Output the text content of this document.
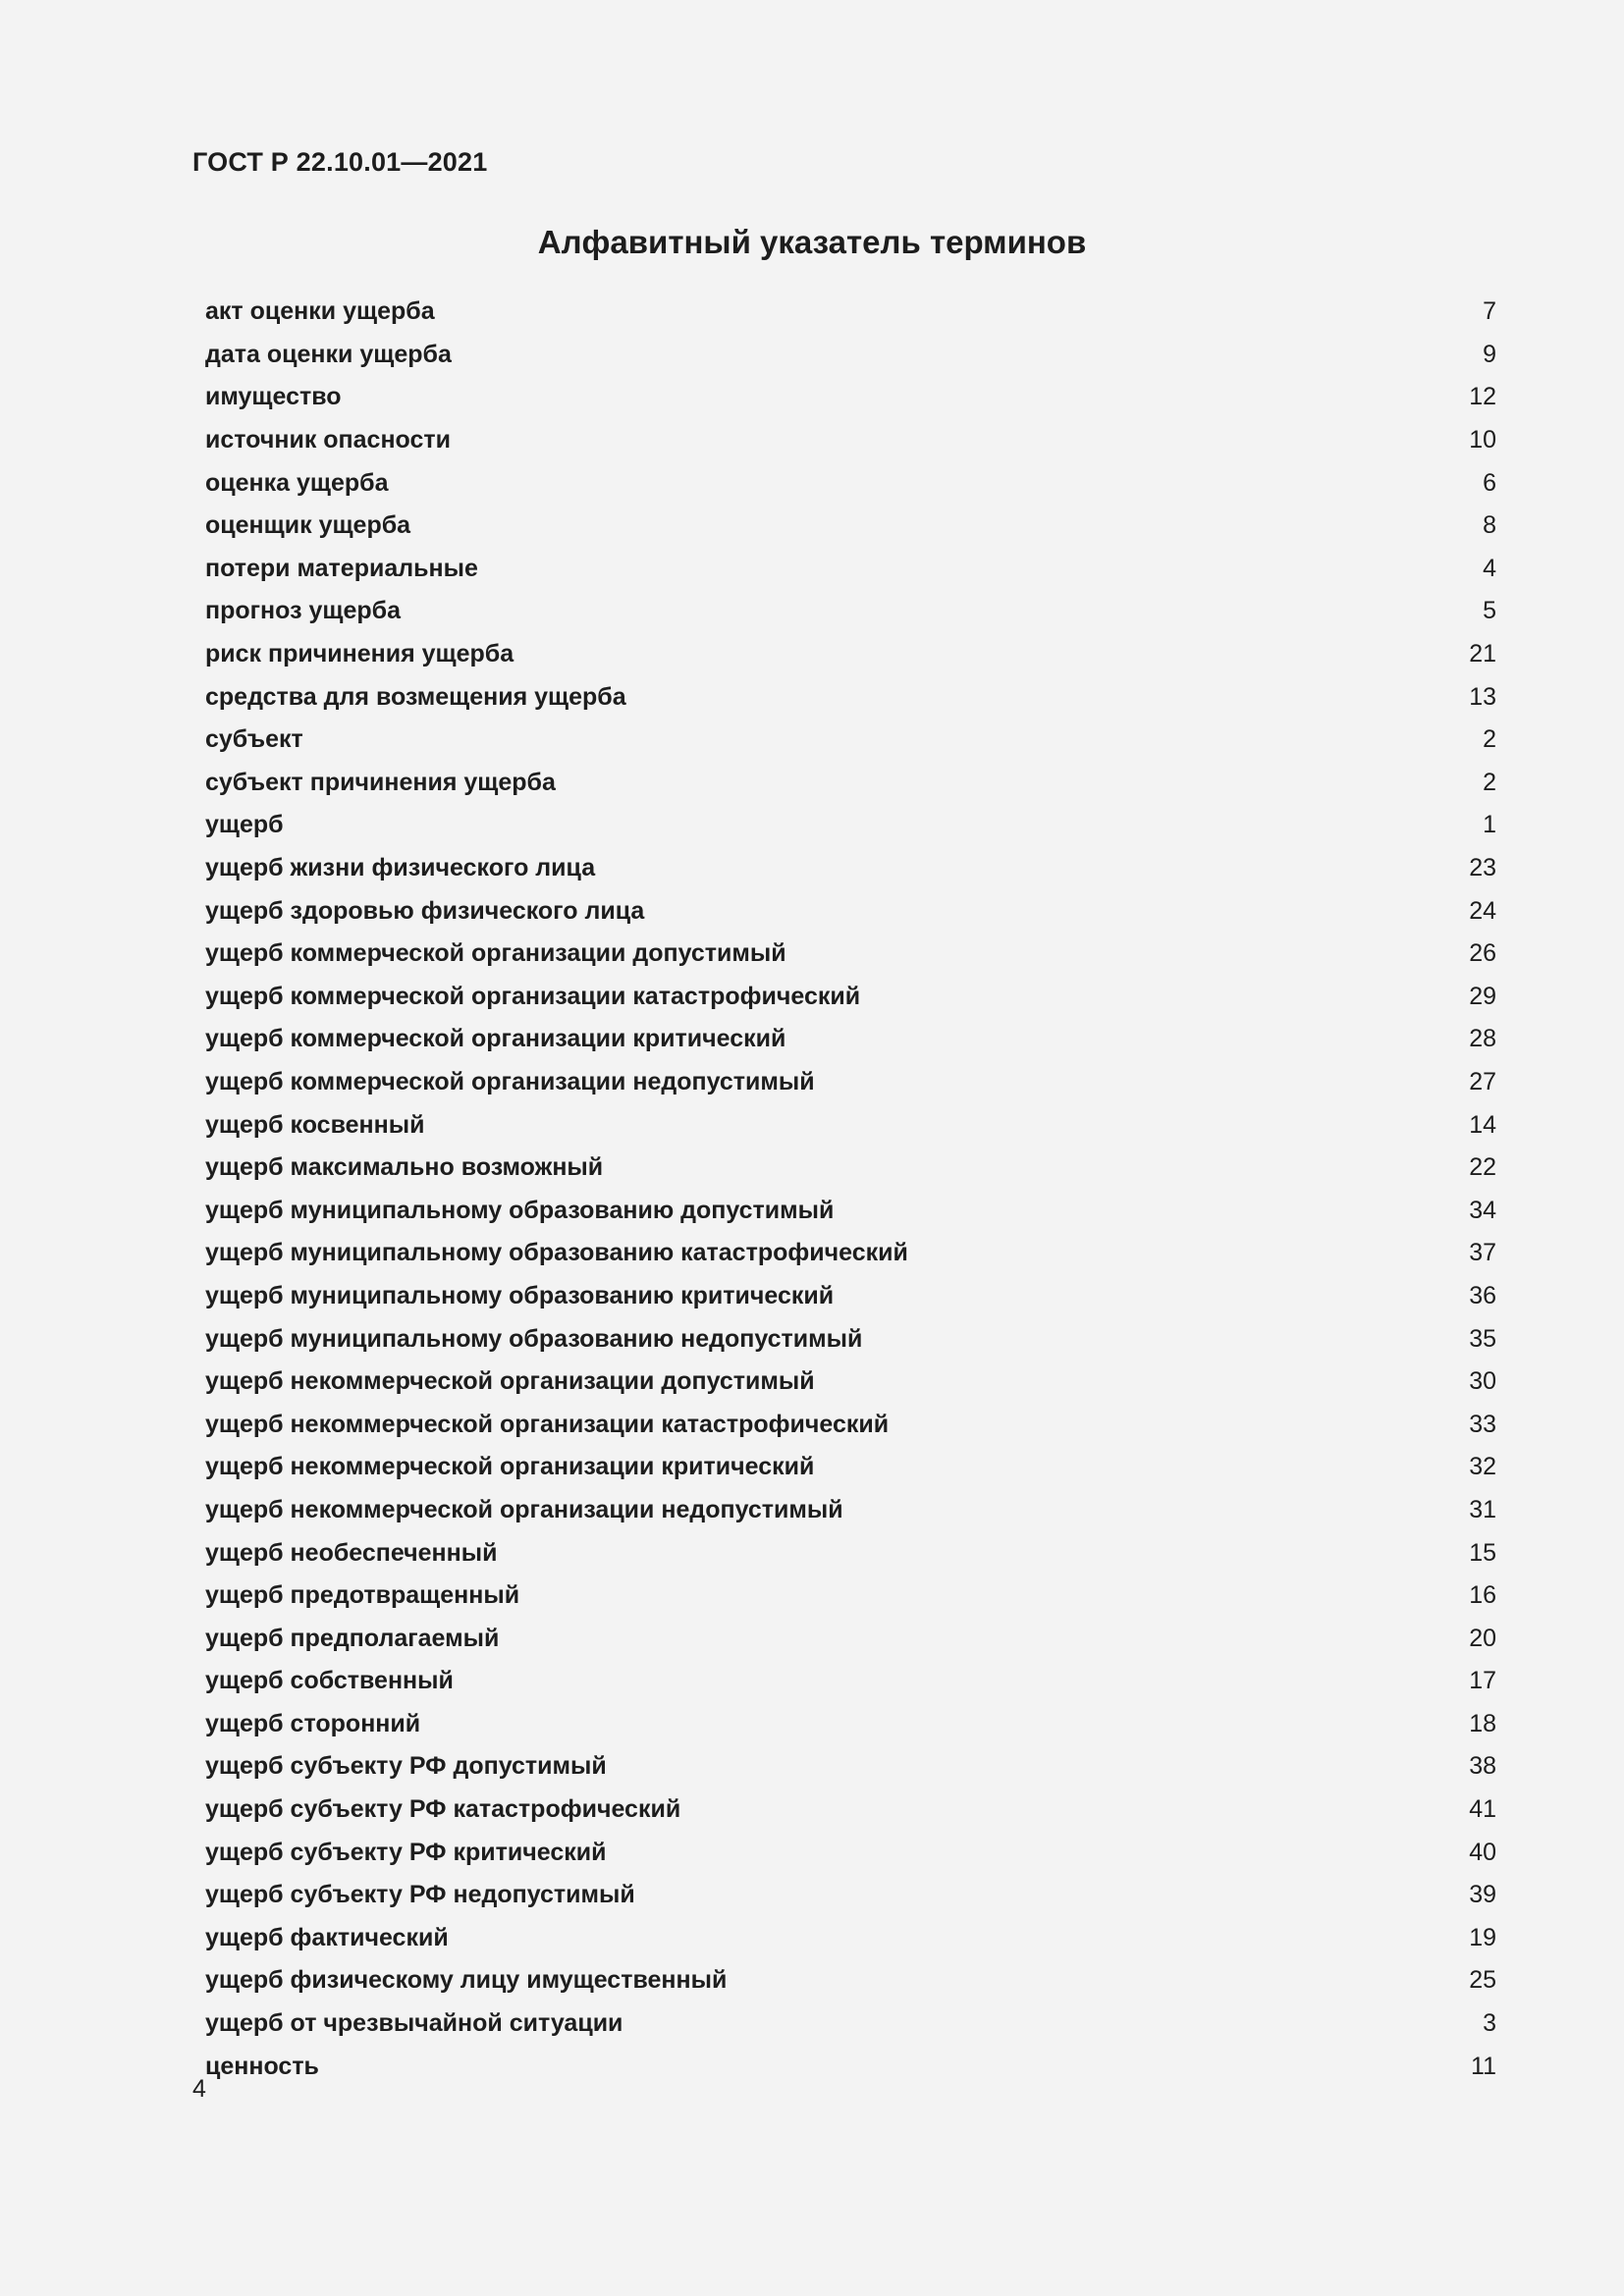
ГОСТ Р 22.10.01—2021
Алфавитный указатель терминов
акт оценки ущерба	7
дата оценки ущерба	9
имущество	12
источник опасности	10
оценка ущерба	6
оценщик ущерба	8
потери материальные	4
прогноз ущерба	5
риск причинения ущерба	21
средства для возмещения ущерба	13
субъект	2
субъект причинения ущерба	2
ущерб	1
ущерб жизни физического лица	23
ущерб здоровью физического лица	24
ущерб коммерческой организации допустимый	26
ущерб коммерческой организации катастрофический	29
ущерб коммерческой организации критический	28
ущерб коммерческой организации недопустимый	27
ущерб косвенный	14
ущерб максимально возможный	22
ущерб муниципальному образованию допустимый	34
ущерб муниципальному образованию катастрофический	37
ущерб муниципальному образованию критический	36
ущерб муниципальному образованию недопустимый	35
ущерб некоммерческой организации допустимый	30
ущерб некоммерческой организации катастрофический	33
ущерб некоммерческой организации критический	32
ущерб некоммерческой организации недопустимый	31
ущерб необеспеченный	15
ущерб предотвращенный	16
ущерб предполагаемый	20
ущерб собственный	17
ущерб сторонний	18
ущерб субъекту РФ допустимый	38
ущерб субъекту РФ катастрофический	41
ущерб субъекту РФ критический	40
ущерб субъекту РФ недопустимый	39
ущерб фактический	19
ущерб физическому лицу имущественный	25
ущерб от чрезвычайной ситуации	3
ценность	11
4
